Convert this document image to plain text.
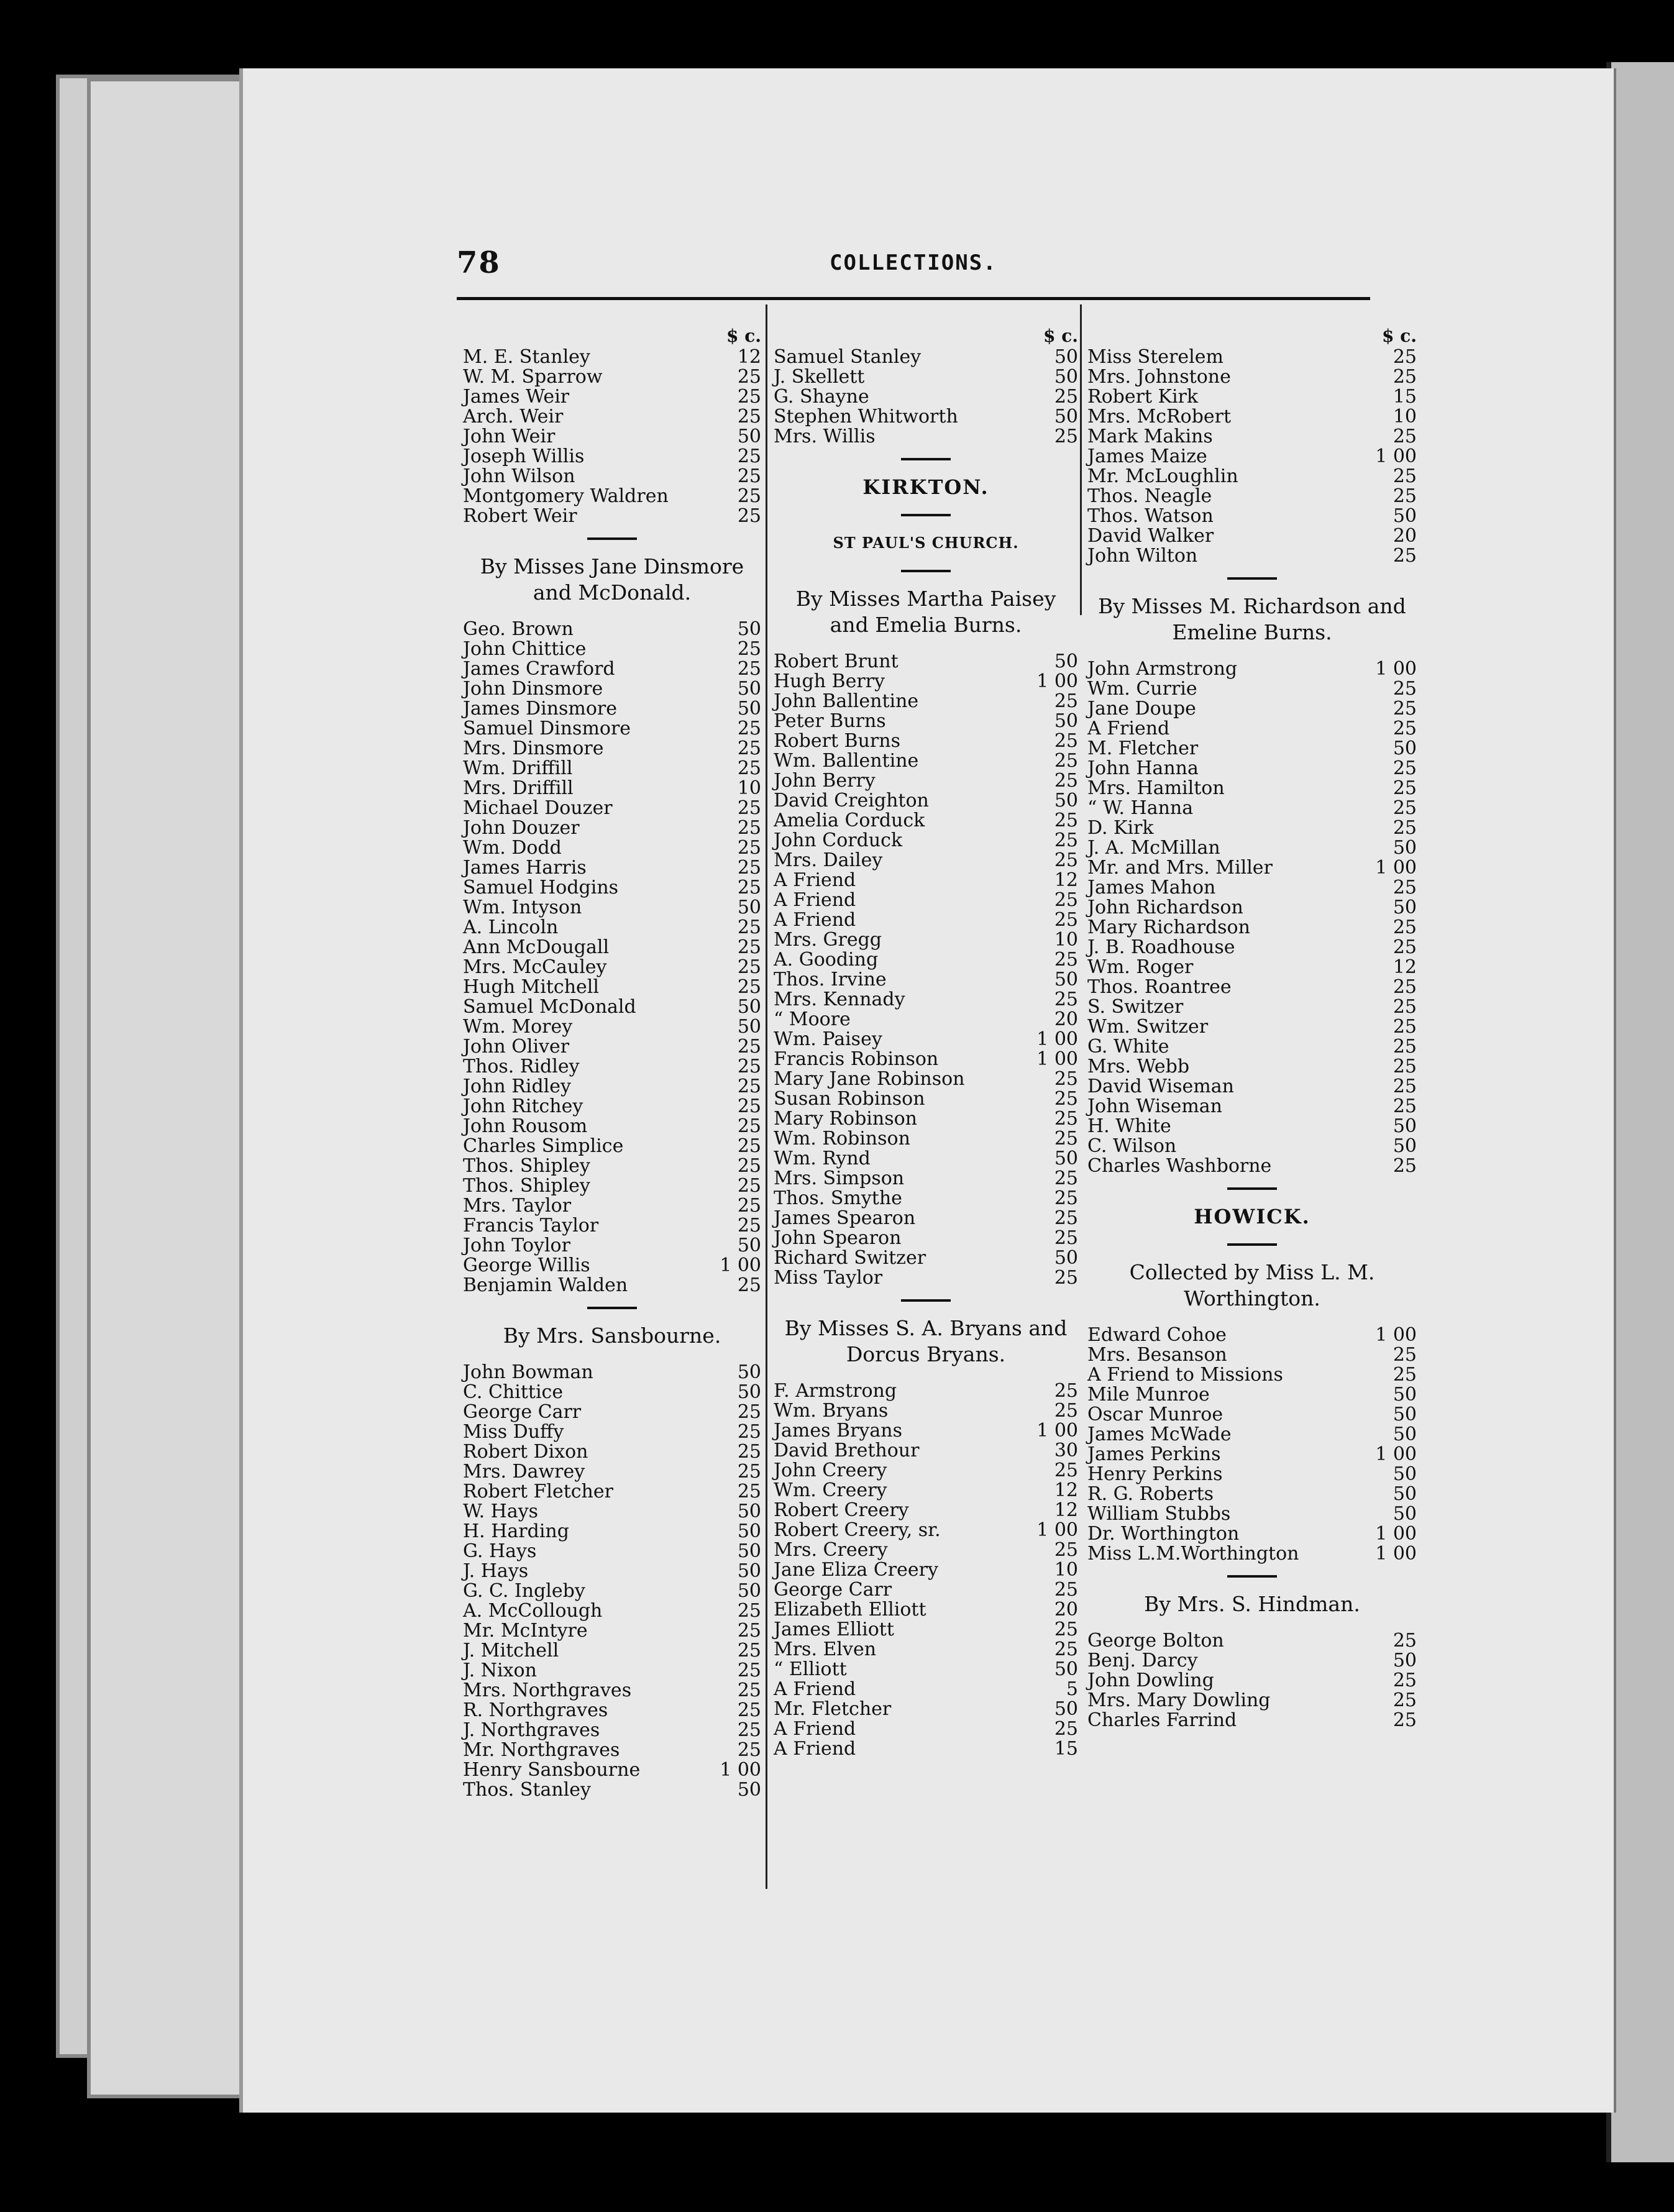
78	COLLECTIONS.
$ c.
M. E. Stanley	12
W. M. Sparrow	25
James Weir	25
Arch. Weir	25
John Weir	50
Joseph Willis	25
John Wilson	25
Montgomery Waldren	25
Robert Weir	25
By Misses Jane Dinsmore and McDonald.
Geo. Brown	50
John Chittice	25
James Crawford	25
John Dinsmore	50
James Dinsmore	50
Samuel Dinsmore	25
Mrs. Dinsmore	25
Wm. Driffill	25
Mrs. Driffill	10
Michael Douzer	25
John Douzer	25
Wm. Dodd	25
James Harris	25
Samuel Hodgins	25
Wm. Intyson	50
A. Lincoln	25
Ann McDougall	25
Mrs. McCauley	25
Hugh Mitchell	25
Samuel McDonald	50
Wm. Morey	50
John Oliver	25
Thos. Ridley	25
John Ridley	25
John Ritchey	25
John Rousom	25
Charles Simplice	25
Thos. Shipley	25
Thos. Shipley	25
Mrs. Taylor	25
Francis Taylor	25
John Toylor	50
George Willis	1 00
Benjamin Walden	25
By Mrs. Sansbourne.
John Bowman	50
C. Chittice	50
George Carr	25
Miss Duffy	25
Robert Dixon	25
Mrs. Dawrey	25
Robert Fletcher	25
W. Hays	50
H. Harding	50
G. Hays	50
J. Hays	50
G. C. Ingleby	50
A. McCollough	25
Mr. McIntyre	25
J. Mitchell	25
J. Nixon	25
Mrs. Northgraves	25
R. Northgraves	25
J. Northgraves	25
Mr. Northgraves	25
Henry Sansbourne	1 00
Thos. Stanley	50
$ c.
Samuel Stanley	50
J. Skellett	50
G. Shayne	25
Stephen Whitworth	50
Mrs. Willis	25
KIRKTON.
ST PAUL'S CHURCH.
By Misses Martha Paisey and Emelia Burns.
Robert Brunt	50
Hugh Berry	1 00
John Ballentine	25
Peter Burns	50
Robert Burns	25
Wm. Ballentine	25
John Berry	25
David Creighton	50
Amelia Corduck	25
John Corduck	25
Mrs. Dailey	25
A Friend	12
A Friend	25
A Friend	25
Mrs. Gregg	10
A. Gooding	25
Thos. Irvine	50
Mrs. Kennady	25
“ Moore	20
Wm. Paisey	1 00
Francis Robinson	1 00
Mary Jane Robinson	25
Susan Robinson	25
Mary Robinson	25
Wm. Robinson	25
Wm. Rynd	50
Mrs. Simpson	25
Thos. Smythe	25
James Spearon	25
John Spearon	25
Richard Switzer	50
Miss Taylor	25
By Misses S. A. Bryans and Dorcus Bryans.
F. Armstrong	25
Wm. Bryans	25
James Bryans	1 00
David Brethour	30
John Creery	25
Wm. Creery	12
Robert Creery	12
Robert Creery, sr.	1 00
Mrs. Creery	25
Jane Eliza Creery	10
George Carr	25
Elizabeth Elliott	20
James Elliott	25
Mrs. Elven	25
“ Elliott	50
A Friend	5
Mr. Fletcher	50
A Friend	25
A Friend	15
$ c.
Miss Sterelem	25
Mrs. Johnstone	25
Robert Kirk	15
Mrs. McRobert	10
Mark Makins	25
James Maize	1 00
Mr. McLoughlin	25
Thos. Neagle	25
Thos. Watson	50
David Walker	20
John Wilton	25
By Misses M. Richardson and Emeline Burns.
John Armstrong	1 00
Wm. Currie	25
Jane Doupe	25
A Friend	25
M. Fletcher	50
John Hanna	25
Mrs. Hamilton	25
“ W. Hanna	25
D. Kirk	25
J. A. McMillan	50
Mr. and Mrs. Miller	1 00
James Mahon	25
John Richardson	50
Mary Richardson	25
J. B. Roadhouse	25
Wm. Roger	12
Thos. Roantree	25
S. Switzer	25
Wm. Switzer	25
G. White	25
Mrs. Webb	25
David Wiseman	25
John Wiseman	25
H. White	50
C. Wilson	50
Charles Washborne	25
HOWICK.
Collected by Miss L. M. Worthington.
Edward Cohoe	1 00
Mrs. Besanson	25
A Friend to Missions	25
Mile Munroe	50
Oscar Munroe	50
James McWade	50
James Perkins	1 00
Henry Perkins	50
R. G. Roberts	50
William Stubbs	50
Dr. Worthington	1 00
Miss L.M.Worthington	1 00
By Mrs. S. Hindman.
George Bolton	25
Benj. Darcy	50
John Dowling	25
Mrs. Mary Dowling	25
Charles Farrind	25
